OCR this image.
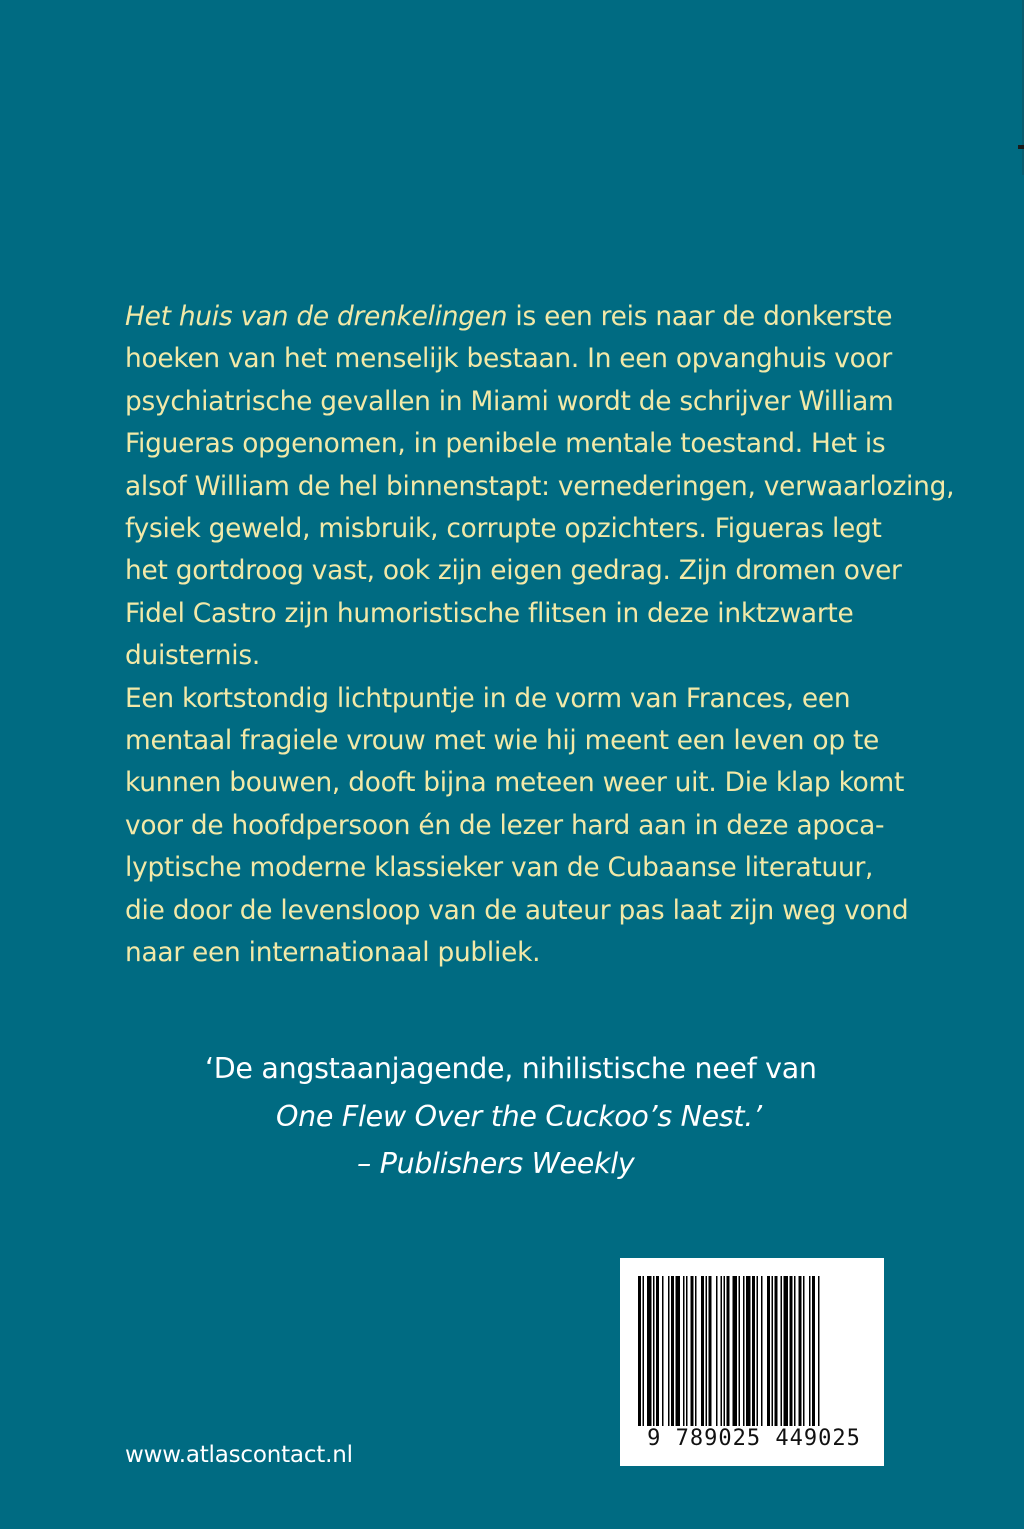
Het huis van de drenkelingen is een reis naar de donkerste
hoeken van het menselijk bestaan. In een opvanghuis voor
psychiatrische gevallen in Miami wordt de schrijver William
Figueras opgenomen, in penibele mentale toestand. Het is
alsof William de hel binnenstapt: vernederingen, verwaarlozing,
fysiek geweld, misbruik, corrupte opzichters. Figueras legt
het gortdroog vast, ook zijn eigen gedrag. Zijn dromen over
Fidel Castro zijn humoristische flitsen in deze inktzwarte
duisternis.
Een kortstondig lichtpuntje in de vorm van Frances, een
mentaal fragiele vrouw met wie hij meent een leven op te
kunnen bouwen, dooft bijna meteen weer uit. Die klap komt
voor de hoofdpersoon én de lezer hard aan in deze apoca-
lyptische moderne klassieker van de Cubaanse literatuur,
die door de levensloop van de auteur pas laat zijn weg vond
naar een internationaal publiek.
‘De angstaanjagende, nihilistische neef van
One Flew Over the Cuckoo’s Nest.’
– Publishers Weekly
www.atlascontact.nl
9 789025 449025
